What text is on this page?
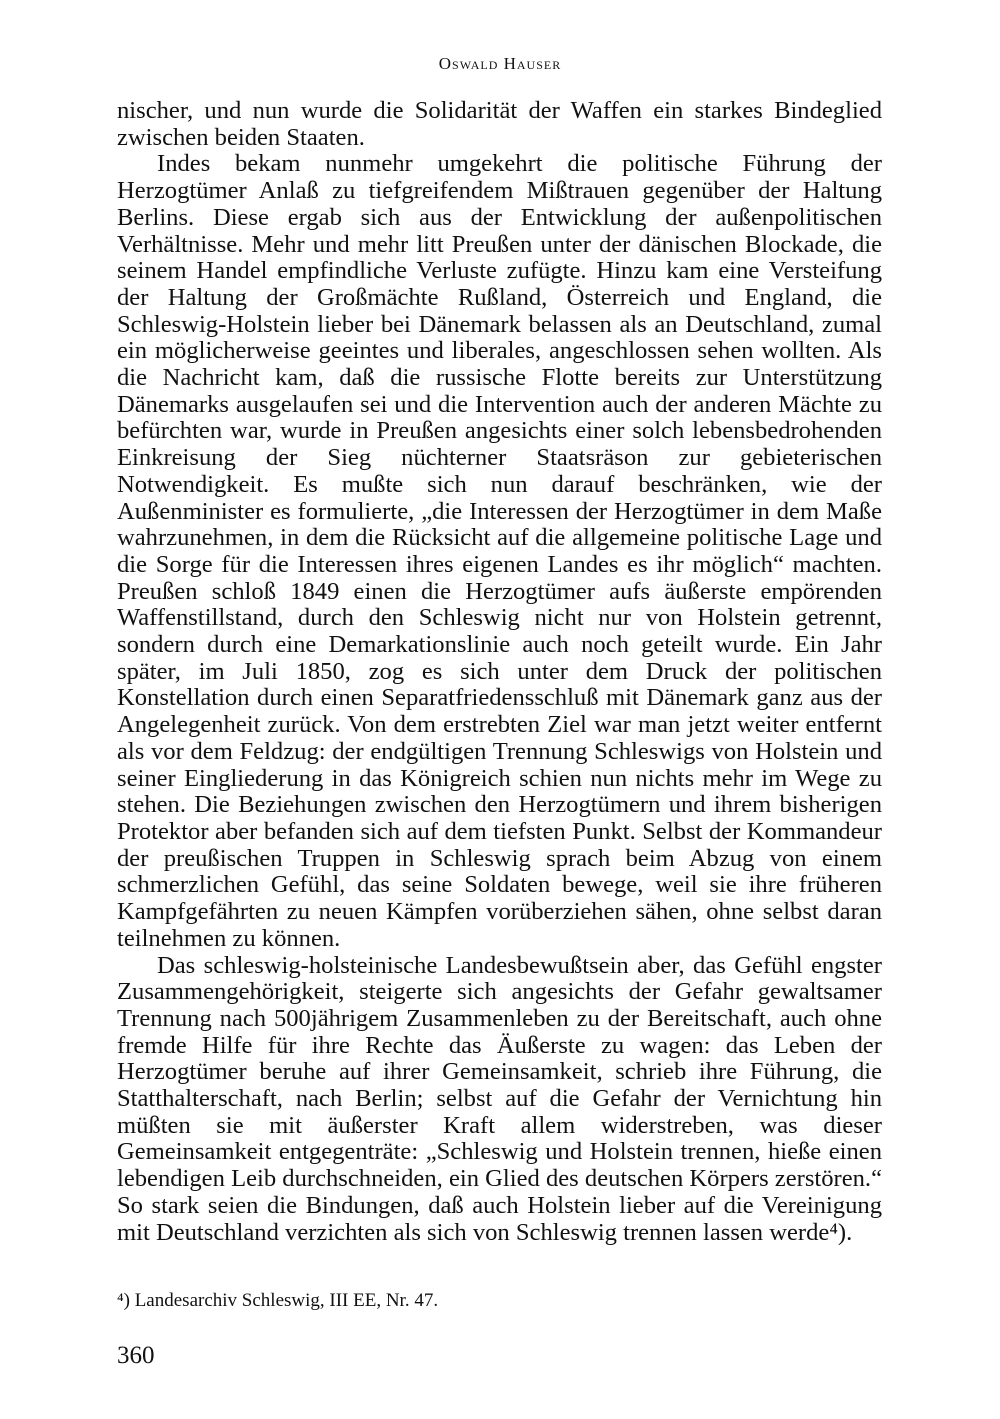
Oswald Hauser

nischer, und nun wurde die Solidarität der Waffen ein starkes Bindeglied zwischen beiden Staaten.

Indes bekam nunmehr umgekehrt die politische Führung der Herzogtümer Anlaß zu tiefgreifendem Mißtrauen gegenüber der Haltung Berlins. Diese ergab sich aus der Entwicklung der außenpolitischen Verhältnisse. Mehr und mehr litt Preußen unter der dänischen Blockade, die seinem Handel empfindliche Verluste zufügte. Hinzu kam eine Versteifung der Haltung der Großmächte Rußland, Österreich und England, die Schleswig-Holstein lieber bei Dänemark belassen als an Deutschland, zumal ein möglicherweise geeintes und liberales, angeschlossen sehen wollten. Als die Nachricht kam, daß die russische Flotte bereits zur Unterstützung Dänemarks ausgelaufen sei und die Intervention auch der anderen Mächte zu befürchten war, wurde in Preußen angesichts einer solch lebensbedrohenden Einkreisung der Sieg nüchterner Staatsräson zur gebieterischen Notwendigkeit. Es mußte sich nun darauf beschränken, wie der Außenminister es formulierte, „die Interessen der Herzogtümer in dem Maße wahrzunehmen, in dem die Rücksicht auf die allgemeine politische Lage und die Sorge für die Interessen ihres eigenen Landes es ihr möglich“ machten. Preußen schloß 1849 einen die Herzogtümer aufs äußerste empörenden Waffenstillstand, durch den Schleswig nicht nur von Holstein getrennt, sondern durch eine Demarkationslinie auch noch geteilt wurde. Ein Jahr später, im Juli 1850, zog es sich unter dem Druck der politischen Konstellation durch einen Separatfriedensschluß mit Dänemark ganz aus der Angelegenheit zurück. Von dem erstrebten Ziel war man jetzt weiter entfernt als vor dem Feldzug: der endgültigen Trennung Schleswigs von Holstein und seiner Eingliederung in das Königreich schien nun nichts mehr im Wege zu stehen. Die Beziehungen zwischen den Herzogtümern und ihrem bisherigen Protektor aber befanden sich auf dem tiefsten Punkt. Selbst der Kommandeur der preußischen Truppen in Schleswig sprach beim Abzug von einem schmerzlichen Gefühl, das seine Soldaten bewege, weil sie ihre früheren Kampfgefährten zu neuen Kämpfen vorüberziehen sähen, ohne selbst daran teilnehmen zu können.

Das schleswig-holsteinische Landesbewußtsein aber, das Gefühl engster Zusammengehörigkeit, steigerte sich angesichts der Gefahr gewaltsamer Trennung nach 500jährigem Zusammenleben zu der Bereitschaft, auch ohne fremde Hilfe für ihre Rechte das Äußerste zu wagen: das Leben der Herzogtümer beruhe auf ihrer Gemeinsamkeit, schrieb ihre Führung, die Statthalterschaft, nach Berlin; selbst auf die Gefahr der Vernichtung hin müßten sie mit äußerster Kraft allem widerstreben, was dieser Gemeinsamkeit entgegenträte: „Schleswig und Holstein trennen, hieße einen lebendigen Leib durchschneiden, ein Glied des deutschen Körpers zerstören.“ So stark seien die Bindungen, daß auch Holstein lieber auf die Vereinigung mit Deutschland verzichten als sich von Schleswig trennen lassen werde⁴).

⁴) Landesarchiv Schleswig, III EE, Nr. 47.
360
